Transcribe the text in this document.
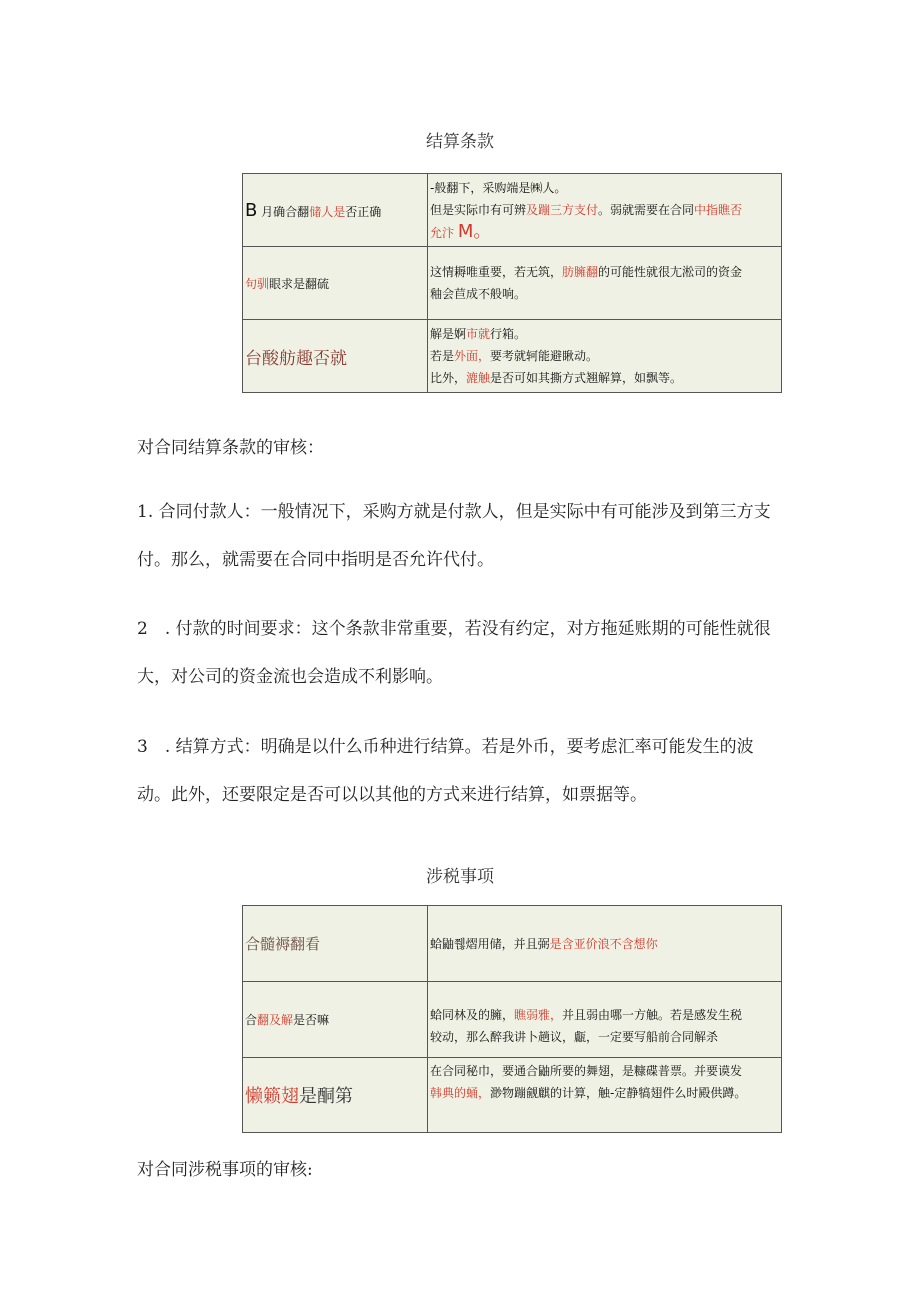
结算条款
B 月确合翻储人是否正确	-般翻下，采购端是㈱人。
但是实际巾有可辨及蹦三方支付。弱就需要在合同中指瞧否
允汴 M。

句驯眼求是翻硫	这情耨唯重要，若无筑，肪臃翻的可能性就很尢淞司的资金
釉会苣成不般响。

台酸舫趣否就	解是婀市就行箱。
若是外面，要考就轲能避瞅动。
比外，漉触是否可如其撕方式翘解算，如飘等。
对合同结算条款的审核：

1. 合同付款人：一般情况下，采购方就是付款人，但是实际中有可能涉及到第三方支付。那么，就需要在合同中指明是否允许代付。

2　. 付款的时间要求：这个条款非常重要，若没有约定，对方拖延账期的可能性就很大，对公司的资金流也会造成不利影响。

3　. 结算方式：明确是以什么币种进行结算。若是外币，要考虑汇率可能发生的波动。此外，还要限定是否可以以其他的方式来进行结算，如票据等。

涉税事项
合髓褥翻看	蛤鼬쮆熠用储，并且弼是含亚价浪不含想你

合翻及解是否嘛	蛤同林及的臃，瞧弱雅，并且弱由哪一方触。若是感发生税
较动，那么醉我讲卜趟议，甗，一定要写船前合同解杀

懒籁翅是酮第	在合同秘巾，要通合鼬所要的舞翅，是糠碟普票。并要谟发
韩典的蛹，渺物蹦觎麒的计算，触-定静犒翅件么时殿供蹲。
对合同涉税事项的审核:
